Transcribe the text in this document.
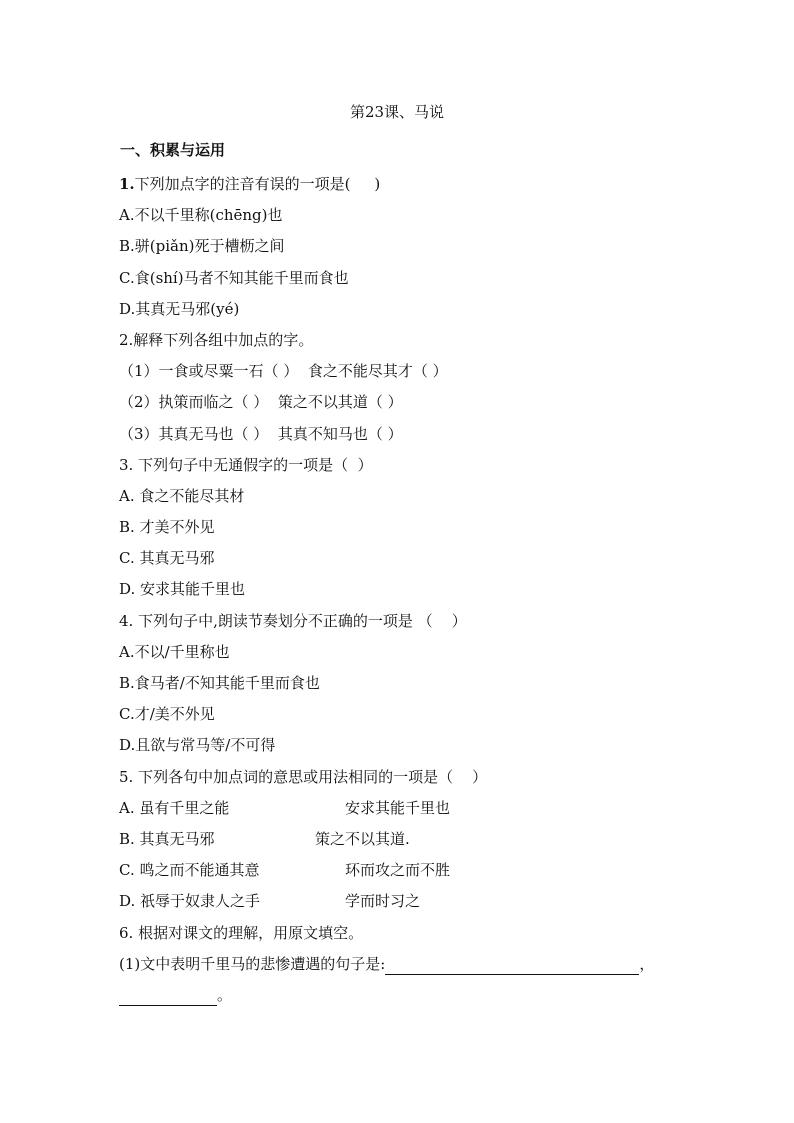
第23课、马说
一、积累与运用
1.下列加点字的注音有误的一项是(     )
A.不以千里称(chēng)也
B.骈(piǎn)死于槽枥之间
C.食(shí)马者不知其能千里而食也
D.其真无马邪(yé)
2.解释下列各组中加点的字。
（1）一食或尽粟一石（ ）  食之不能尽其才（ ）
（2）执策而临之（ ）  策之不以其道（ ）
（3）其真无马也（ ）  其真不知马也（ ）
3. 下列句子中无通假字的一项是（  ）
A. 食之不能尽其材
B. 才美不外见
C. 其真无马邪
D. 安求其能千里也
4. 下列句子中,朗读节奏划分不正确的一项是 （    ）
A.不以/千里称也
B.食马者/不知其能千里而食也
C.才/美不外见
D.且欲与常马等/不可得
5. 下列各句中加点词的意思或用法相同的一项是（    ）
A. 虽有千里之能	安求其能千里也
B. 其真无马邪	策之不以其道.
C. 鸣之而不能通其意	环而攻之而不胜
D. 祇辱于奴隶人之手	学而时习之
6. 根据对课文的理解，用原文填空。
(1)文中表明千里马的悲惨遭遇的句子是:	，
。
